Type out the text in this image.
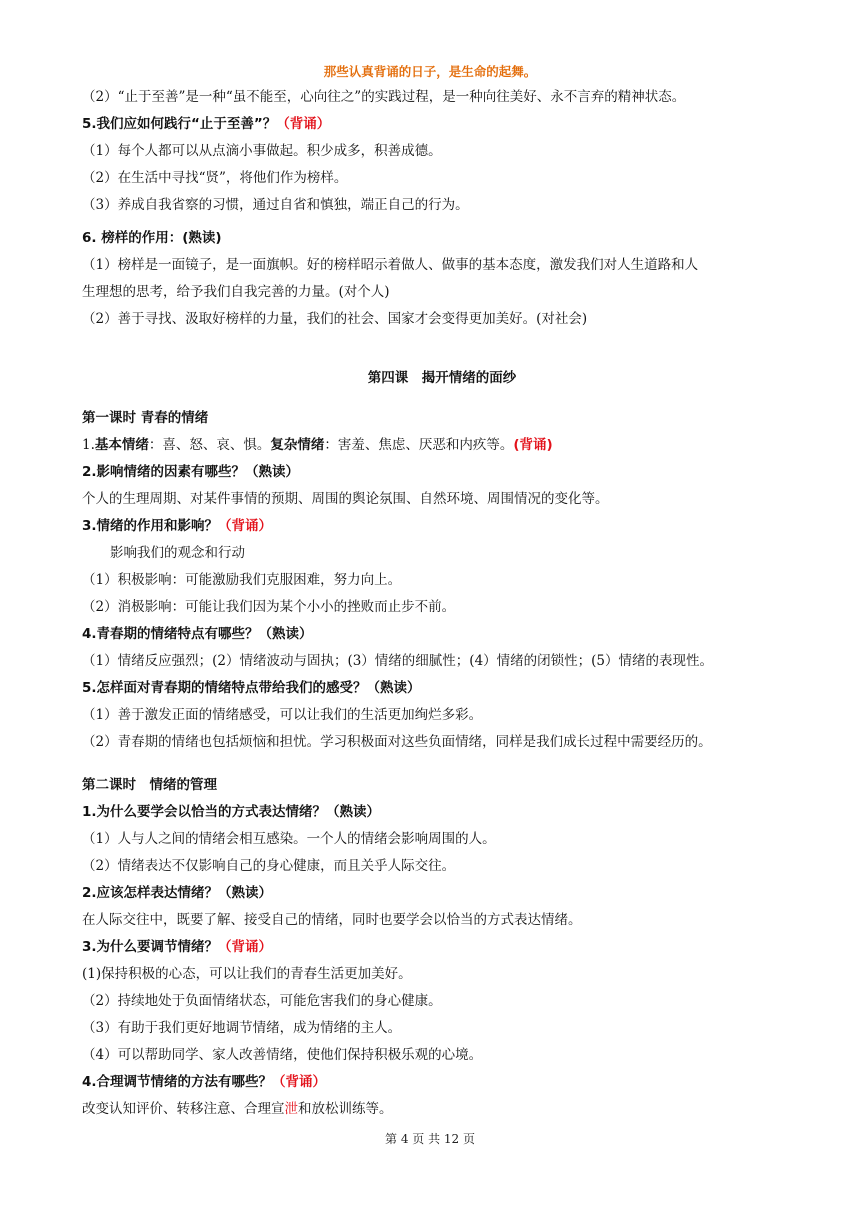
那些认真背诵的日子，是生命的起舞。

（2）“止于至善”是一种“虽不能至，心向往之”的实践过程，是一种向往美好、永不言弃的精神状态。

5.我们应如何践行“止于至善”？（背诵）

（1）每个人都可以从点滴小事做起。积少成多，积善成德。

（2）在生活中寻找“贤”，将他们作为榜样。

（3）养成自我省察的习惯，通过自省和慎独，端正自己的行为。

6. 榜样的作用：(熟读)

（1）榜样是一面镜子，是一面旗帜。好的榜样昭示着做人、做事的基本态度，激发我们对人生道路和人

生理想的思考，给予我们自我完善的力量。(对个人)

（2）善于寻找、汲取好榜样的力量，我们的社会、国家才会变得更加美好。(对社会)

第四课　揭开情绪的面纱

第一课时 青春的情绪

1.基本情绪：喜、怒、哀、惧。复杂情绪：害羞、焦虑、厌恶和内疚等。(背诵)

2.影响情绪的因素有哪些？（熟读）

个人的生理周期、对某件事情的预期、周围的舆论氛围、自然环境、周围情况的变化等。

3.情绪的作用和影响？（背诵）

影响我们的观念和行动

（1）积极影响：可能激励我们克服困难，努力向上。

（2）消极影响：可能让我们因为某个小小的挫败而止步不前。

4.青春期的情绪特点有哪些？（熟读）

（1）情绪反应强烈；(2）情绪波动与固执；(3）情绪的细腻性；(4）情绪的闭锁性；(5）情绪的表现性。

5.怎样面对青春期的情绪特点带给我们的感受？（熟读）

（1）善于激发正面的情绪感受，可以让我们的生活更加绚烂多彩。

（2）青春期的情绪也包括烦恼和担忧。学习积极面对这些负面情绪，同样是我们成长过程中需要经历的。

第二课时　情绪的管理

1.为什么要学会以恰当的方式表达情绪？（熟读）

（1）人与人之间的情绪会相互感染。一个人的情绪会影响周围的人。

（2）情绪表达不仅影响自己的身心健康，而且关乎人际交往。

2.应该怎样表达情绪？（熟读）

在人际交往中，既要了解、接受自己的情绪，同时也要学会以恰当的方式表达情绪。

3.为什么要调节情绪？（背诵）

(1)保持积极的心态，可以让我们的青春生活更加美好。

（2）持续地处于负面情绪状态，可能危害我们的身心健康。

（3）有助于我们更好地调节情绪，成为情绪的主人。

（4）可以帮助同学、家人改善情绪，使他们保持积极乐观的心境。

4.合理调节情绪的方法有哪些？（背诵）

改变认知评价、转移注意、合理宣泄和放松训练等。

第 4 页 共 12 页
